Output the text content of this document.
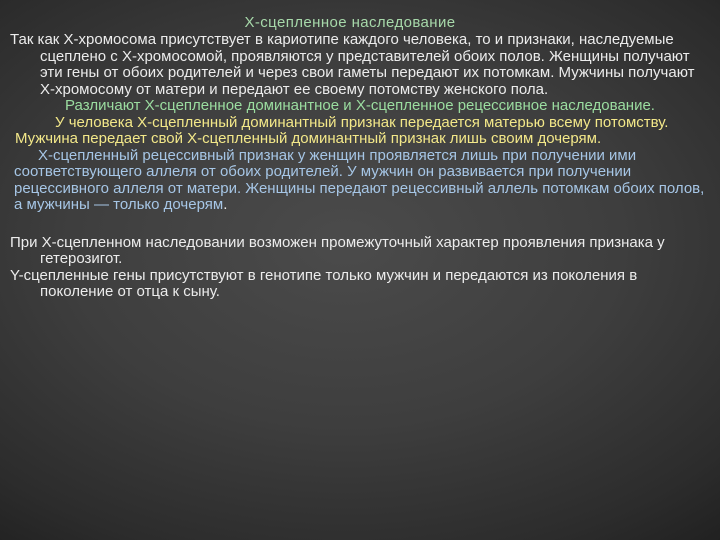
Х-сцепленное наследование

Так как Х-хромосома присутствует в кариотипе каждого человека, то и признаки, наследуемые сцеплено с Х-хромосомой, проявляются у представителей обоих полов. Женщины получают эти гены от обоих родителей и через свои гаметы передают их потомкам. Мужчины получают Х-хромосому от матери и передают ее своему потомству женского пола.

Различают Х-сцепленное доминантное и Х-сцепленное рецессивное наследование.

У человека Х-сцепленный доминантный признак передается матерью всему потомству. Мужчина передает свой Х-сцепленный доминантный признак лишь своим дочерям.

Х-сцепленный рецессивный признак у женщин проявляется лишь при получении ими соответствующего аллеля от обоих родителей. У мужчин он развивается при получении рецессивного аллеля от матери. Женщины передают рецессивный аллель потомкам обоих полов, а мужчины — только дочерям.

При Х-сцепленном наследовании возможен промежуточный характер проявления признака у гетерозигот.

Y-сцепленные гены присутствуют в генотипе только мужчин и передаются из поколения в поколение от отца к сыну.
